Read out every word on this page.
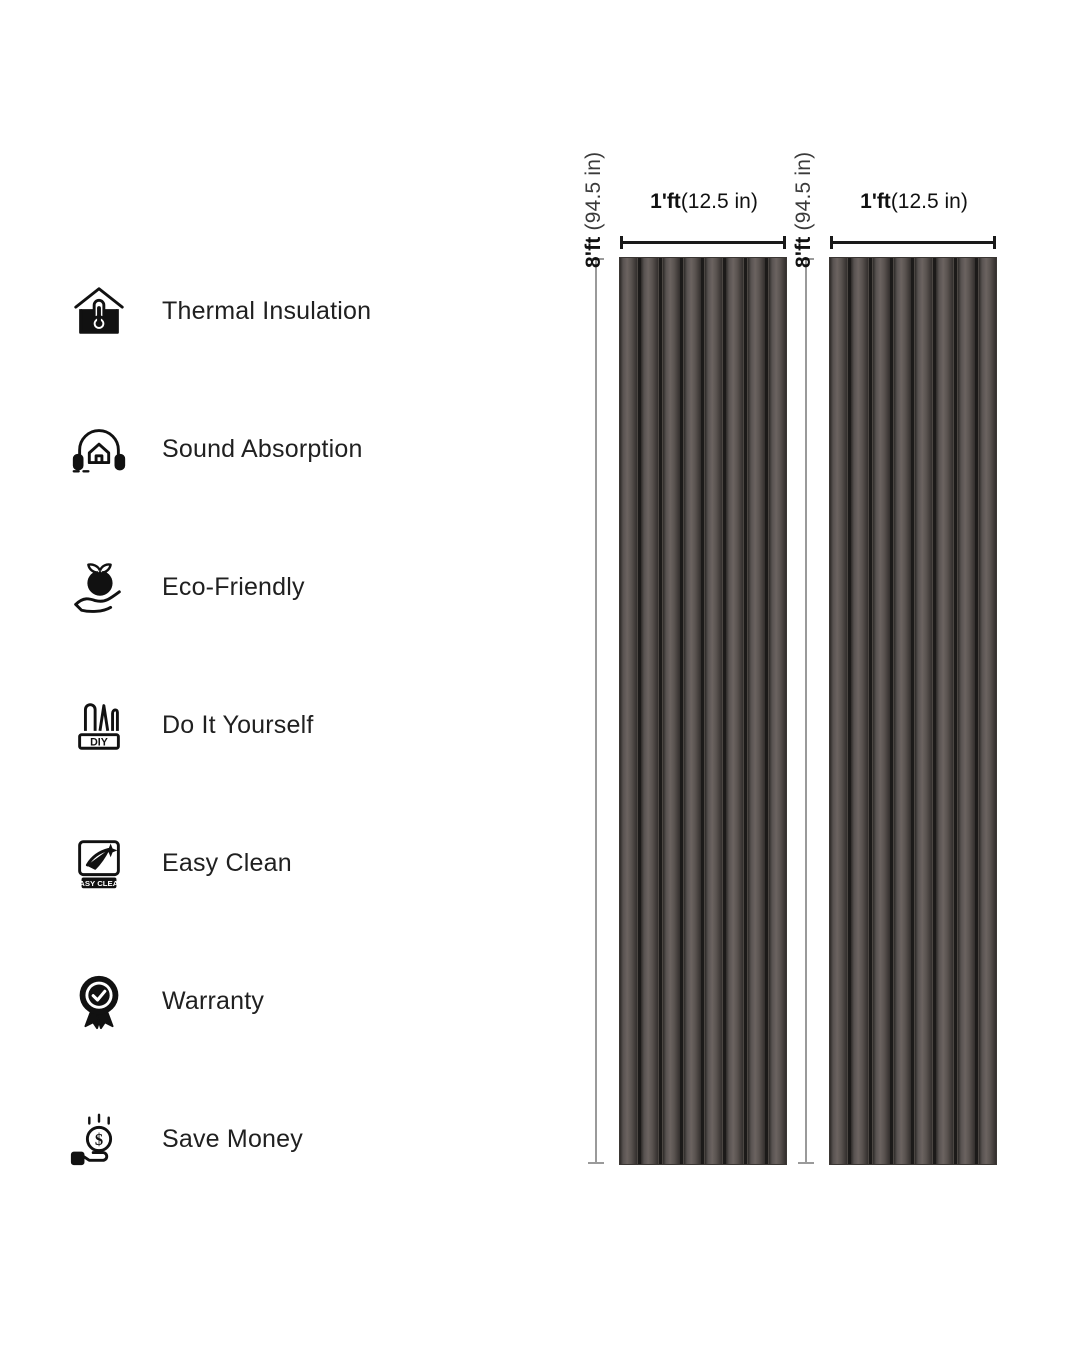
Thermal Insulation
Sound Absorption
Eco-Friendly
DIY
Do It Yourself
EASY CLEAN
Easy Clean
Warranty
$ Save Money
1'ft(12.5 in)
8'ft (94.5 in)	1'ft(12.5 in)
8'ft (94.5 in)
